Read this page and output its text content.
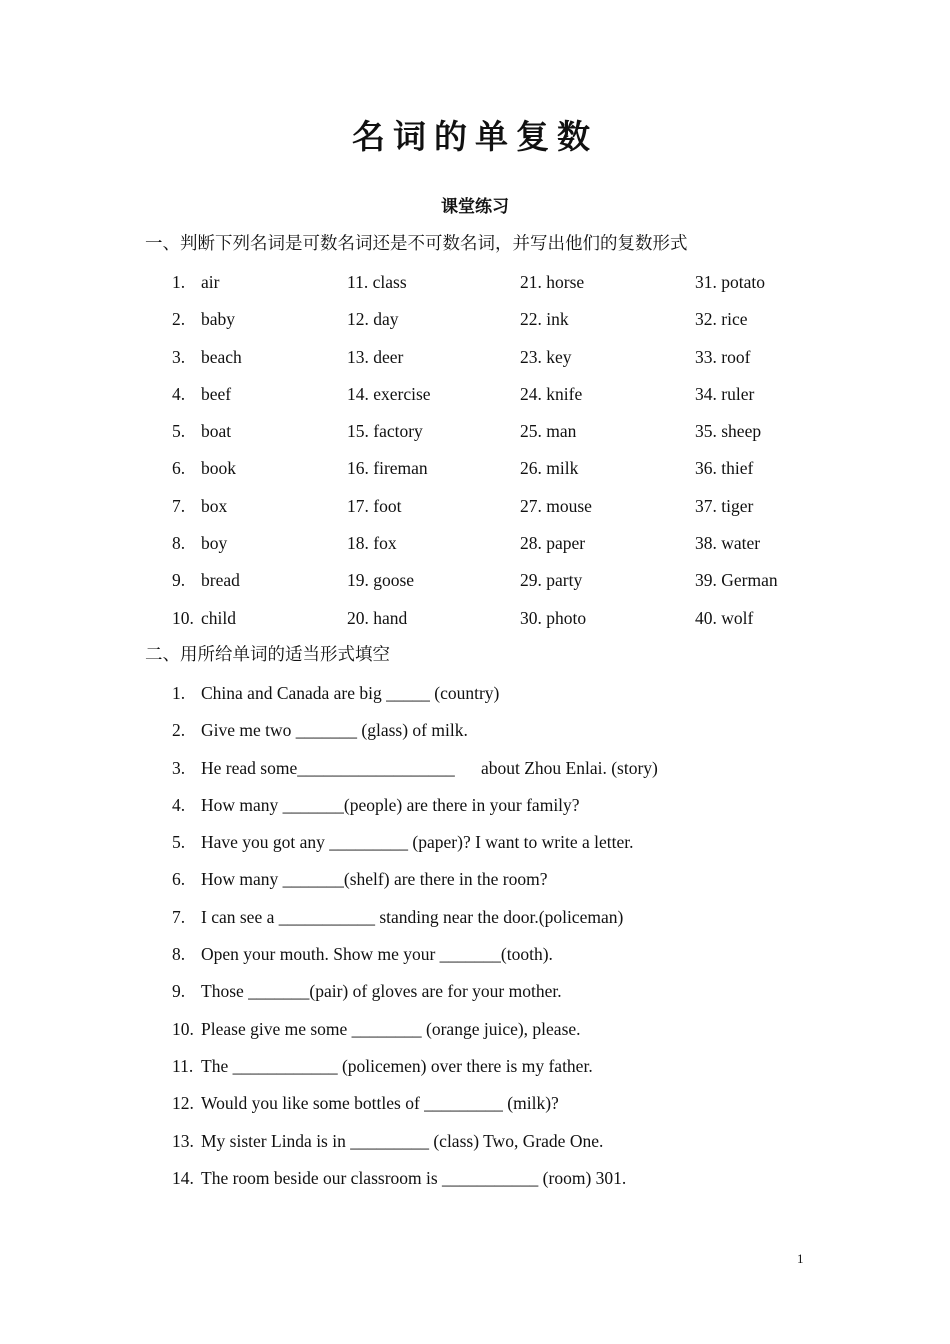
名词的单复数
课堂练习
一、判断下列名词是可数名词还是不可数名词，并写出他们的复数形式
1. air	11. class	21. horse	31. potato
2. baby	12. day	22. ink	32. rice
3. beach	13. deer	23. key	33. roof
4. beef	14. exercise	24. knife	34. ruler
5. boat	15. factory	25. man	35. sheep
6. book	16. fireman	26. milk	36. thief
7. box	17. foot	27. mouse	37. tiger
8. boy	18. fox	28. paper	38. water
9. bread	19. goose	29. party	39. German
10. child	20. hand	30. photo	40. wolf
二、用所给单词的适当形式填空
1. China and Canada are big _____ (country)
2. Give me two _______ (glass) of milk.
3. He read some__________________      about Zhou Enlai. (story)
4. How many _______(people) are there in your family?
5. Have you got any _________ (paper)? I want to write a letter.
6. How many _______(shelf) are there in the room?
7. I can see a ___________ standing near the door.(policeman)
8. Open your mouth. Show me your _______(tooth).
9. Those _______(pair) of gloves are for your mother.
10. Please give me some ________ (orange juice), please.
11. The ____________ (policemen) over there is my father.
12. Would you like some bottles of _________ (milk)?
13. My sister Linda is in _________ (class) Two, Grade One.
14. The room beside our classroom is ___________ (room) 301.
1
